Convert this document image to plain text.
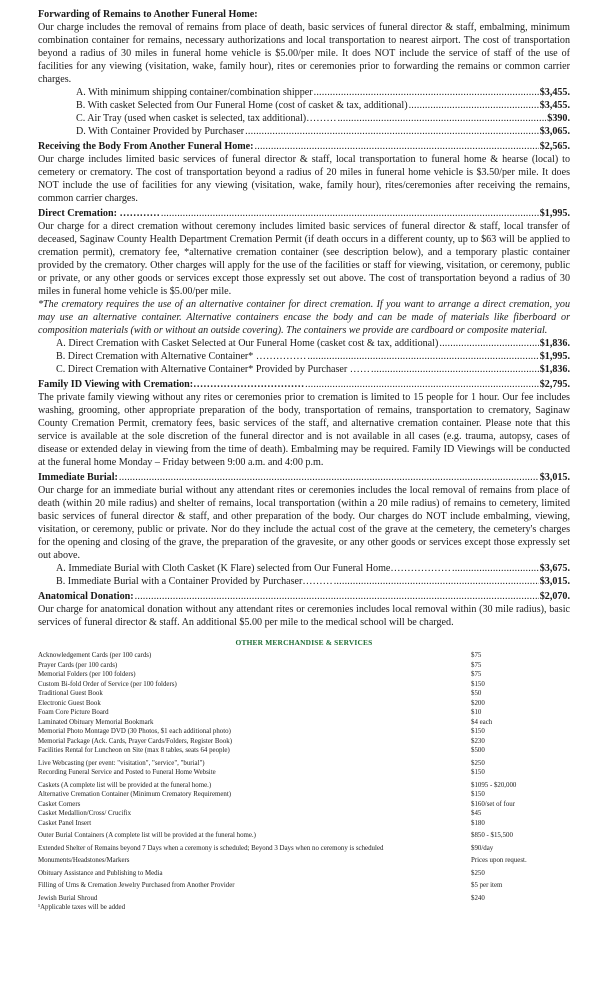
Forwarding of Remains to Another Funeral Home:

Our charge includes the removal of remains from place of death, basic services of funeral director & staff, embalming, minimum combination container for remains, necessary authorizations and local transportation to nearest airport. The cost of transportation beyond a radius of 30 miles in funeral home vehicle is $5.00/per mile. It does NOT include the service of staff of the use of facilities for any viewing (visitation, wake, family hour), rites or ceremonies prior to forwarding the remains or common carrier charges.

A. With minimum shipping container/combination shipper .....	$3,455.
B. With casket Selected from Our Funeral Home (cost of casket & tax, additional) .....	$3,455.
C. Air Tray (used when casket is selected, tax additional)……… .....	$390.
D. With Container Provided by Purchaser .....	$3,065.
Receiving the Body From Another Funeral Home: .....	$2,565.

Our charge includes limited basic services of funeral director & staff, local transportation to funeral home & hearse (local) to cemetery or crematory. The cost of transportation beyond a radius of 20 miles in funeral home vehicle is $3.50/per mile. It does NOT include the use of facilities for any viewing (visitation, wake, family hour), rites/ceremonies after receiving the remains, common carrier charges.

Direct Cremation: ………… .....	$1,995.

Our charge for a direct cremation without ceremony includes limited basic services of funeral director & staff, local transfer of deceased, Saginaw County Health Department Cremation Permit (if death occurs in a different county, up to $63 will be applied to cremation permit), crematory fee, *alternative cremation container (see description below), and a temporary plastic container provided by the crematory. Other charges will apply for the use of the facilities or staff for viewing, visitation, or ceremony, public or private, or any other goods or services except those expressly set out above. The cost of transportation beyond a radius of 30 miles in funeral home vehicle is $5.00/per mile.

*The crematory requires the use of an alternative container for direct cremation. If you want to arrange a direct cremation, you may use an alternative container. Alternative containers encase the body and can be made of materials like fiberboard or composition materials (with or without an outside covering). The containers we provide are cardboard or composite material.

A. Direct Cremation with Casket Selected at Our Funeral Home (casket cost & tax, additional) .....	$1,836.
B. Direct Cremation with Alternative Container* …………… .....	$1,995.
C. Direct Cremation with Alternative Container* Provided by Purchaser …… .....	$1,836.
Family ID Viewing with Cremation:…………………………… .....	$2,795.

The private family viewing without any rites or ceremonies prior to cremation is limited to 15 people for 1 hour. Our fee includes washing, grooming, other appropriate preparation of the body, transportation of remains, transportation to crematory, Saginaw County Cremation Permit, crematory fees, basic services of the staff, and alternative cremation container. Please note that this service is available at the sole discretion of the funeral director and is not available in all cases (e.g. trauma, autopsy, cases of disease or extended delay in viewing from the time of death). Embalming may be required. Family ID Viewings will be conducted at the funeral home Monday – Friday between 9:00 a.m. and 4:00 p.m.

Immediate Burial: .....	$3,015.

Our charge for an immediate burial without any attendant rites or ceremonies includes the local removal of remains from place of death (within 20 mile radius) and shelter of remains, local transportation (within a 20 mile radius) of remains to cemetery, limited basic services of funeral director & staff, and other preparation of the body. Our charges do NOT include embalming, viewing, visitation, or ceremony, public or private. Nor do they include the actual cost of the grave at the cemetery, the cemetery's charges for the opening and closing of the grave, the preparation of the gravesite, or any other goods or services except those expressly set out above.

A. Immediate Burial with Cloth Casket (K Flare) selected from Our Funeral Home……………… .....	$3,675.
B. Immediate Burial with a Container Provided by Purchaser……… .....	$3,015.
Anatomical Donation: .....	$2,070.

Our charge for anatomical donation without any attendant rites or ceremonies includes local removal within (30 mile radius), basic services of funeral director & staff. An additional $5.00 per mile to the medical school will be charged.

OTHER MERCHANDISE & SERVICES
Acknowledgement Cards (per 100 cards)	$75
Prayer Cards (per 100 cards)	$75
Memorial Folders (per 100 folders)	$75
Custom Bi-fold Order of Service (per 100 folders)	$150
Traditional Guest Book	$50
Electronic Guest Book	$200
Foam Core Picture Board	$10
Laminated Obituary Memorial Bookmark	$4 each
Memorial Photo Montage DVD (30 Photos, $1 each additional photo)	$150
Memorial Package (Ack. Cards, Prayer Cards/Folders, Register Book)	$230
Facilities Rental for Luncheon on Site (max 8 tables, seats 64 people)	$500
Live Webcasting (per event: "visitation", "service", "burial")	$250
Recording Funeral Service and Posted to Funeral Home Website	$150
Caskets (A complete list will be provided at the funeral home.)	$1095 - $20,000
Alternative Cremation Container (Minimum Crematory Requirement)	$150
Casket Corners	$160/set of four
Casket Medallion/Cross/ Crucifix	$45
Casket Panel Insert	$180
Outer Burial Containers (A complete list will be provided at the funeral home.)	$850 - $15,500
Extended Shelter of Remains beyond 7 Days when a ceremony is scheduled; Beyond 3 Days when no ceremony is scheduled	$90/day
Monuments/Headstones/Markers	Prices upon request.
Obituary Assistance and Publishing to Media	$250
Filling of Urns & Cremation Jewelry Purchased from Another Provider	$5 per item
Jewish Burial Shroud	$240
¹Applicable taxes will be added
